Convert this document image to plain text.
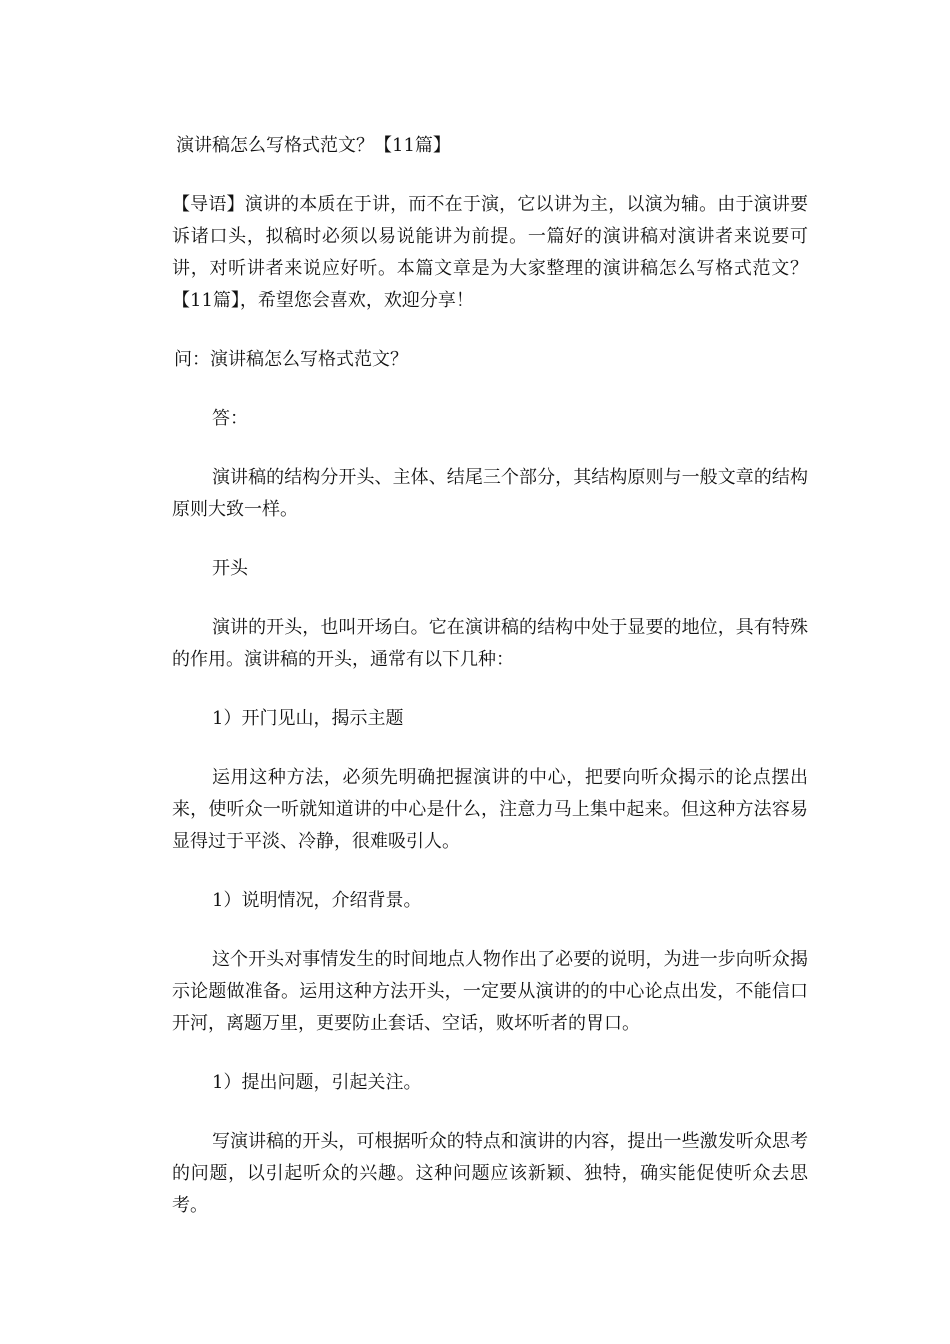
演讲稿怎么写格式范文？【11篇】

【导语】演讲的本质在于讲，而不在于演，它以讲为主，以演为辅。由于演讲要诉诸口头，拟稿时必须以易说能讲为前提。一篇好的演讲稿对演讲者来说要可讲，对听讲者来说应好听。本篇文章是为大家整理的演讲稿怎么写格式范文？【11篇】，希望您会喜欢，欢迎分享！

问：演讲稿怎么写格式范文？

答：

演讲稿的结构分开头、主体、结尾三个部分，其结构原则与一般文章的结构原则大致一样。

开头

演讲的开头，也叫开场白。它在演讲稿的结构中处于显要的地位，具有特殊的作用。演讲稿的开头，通常有以下几种：

1）开门见山，揭示主题

运用这种方法，必须先明确把握演讲的中心，把要向听众揭示的论点摆出来，使听众一听就知道讲的中心是什么，注意力马上集中起来。但这种方法容易显得过于平淡、冷静，很难吸引人。

1）说明情况，介绍背景。

这个开头对事情发生的时间地点人物作出了必要的说明，为进一步向听众揭示论题做准备。运用这种方法开头，一定要从演讲的的中心论点出发，不能信口开河，离题万里，更要防止套话、空话，败坏听者的胃口。

1）提出问题，引起关注。

写演讲稿的开头，可根据听众的特点和演讲的内容，提出一些激发听众思考的问题，以引起听众的兴趣。这种问题应该新颖、独特，确实能促使听众去思考。
